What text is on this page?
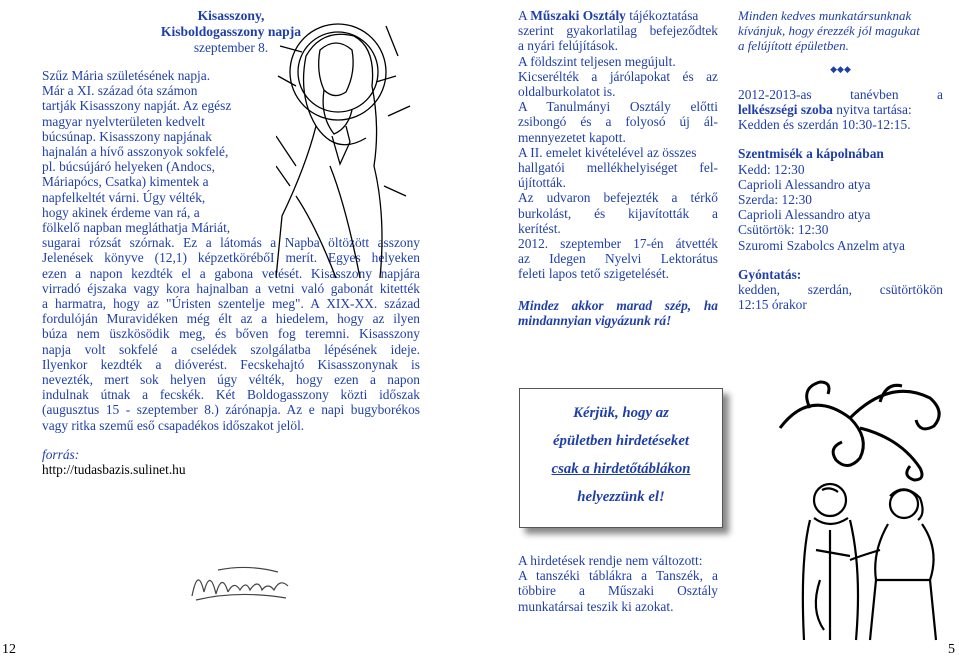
Kisasszony,
Kisboldogasszony napja
szeptember 8.
Szűz Mária születésének napja.
Már a XI. század óta számon
tartják Kisasszony napját. Az egész
magyar nyelvterületen kedvelt
búcsúnap. Kisasszony napjának
hajnalán a hívő asszonyok sokfelé,
pl. búcsújáró helyeken (Andocs,
Máriapócs, Csatka) kimentek a
napfelkeltét várni. Úgy vélték,
hogy akinek érdeme van rá, a
fölkelő napban megláthatja Máriát,
sugarai rózsát szórnak. Ez a látomás a Napba öltözött asszony
Jelenések könyve (12,1) képzetkörébőI merít. Egyes helyeken
ezen a napon kezdték el a gabona vetését. Kisasszony napjára
virradó éjszaka vagy kora hajnalban a vetni való gabonát kitették
a harmatra, hogy az "Úristen szentelje meg". A XIX-XX. század
fordulóján Muravidéken még élt az a hiedelem, hogy az ilyen
búza nem üszkösödik meg, és bőven fog teremni. Kisasszony
napja volt sokfelé a cselédek szolgálatba lépésének ideje.
Ilyenkor kezdték a dióverést. Fecskehajtó Kisasszonynak is
nevezték, mert sok helyen úgy vélték, hogy ezen a napon
indulnak útnak a fecskék. Két Boldogasszony közti időszak
(augusztus 15 - szeptember 8.) zárónapja. Az e napi bugyborékos
vagy ritka szemű eső csapadékos időszakot jelöl.
forrás:
http://tudasbazis.sulinet.hu
A Műszaki Osztály tájékoztatása
szerint gyakorlatilag befejeződtek
a nyári felújítások.
A földszint teljesen megújult.
Kicserélték a járólapokat és az
oldalburkolatot is.
A Tanulmányi Osztály előtti
zsibongó és a folyosó új ál-
mennyezetet kapott.
A II. emelet kivételével az összes
hallgatói mellékhelyiséget fel-
újították.
Az udvaron befejezték a térkő
burkolást, és kijavították a
kerítést.
2012. szeptember 17-én átvették
az Idegen Nyelvi Lektorátus
feleti lapos tető szigetelését.
Mindez akkor marad szép, ha
mindannyian vigyázunk rá!

Kérjük, hogy az
épületben hirdetéseket
csak a hirdetőtáblákon
helyezzünk el!

A hirdetések rendje nem változott:
A tanszéki táblákra a Tanszék, a
többire a Műszaki Osztály
munkatársai teszik ki azokat.
Minden kedves munkatársunknak
kívánjuk, hogy érezzék jól magukat
a felújított épületben.
◆◆◆
2012-2013-as tanévben a
lelkészségi szoba nyitva tartása:
Kedden és szerdán 10:30-12:15.
Szentmisék a kápolnában
Kedd: 12:30
Caprioli Alessandro atya
Szerda: 12:30
Caprioli Alessandro atya
Csütörtök: 12:30
Szuromi Szabolcs Anzelm atya
Gyóntatás:
kedden, szerdán, csütörtökön
12:15 órakor
12	5
